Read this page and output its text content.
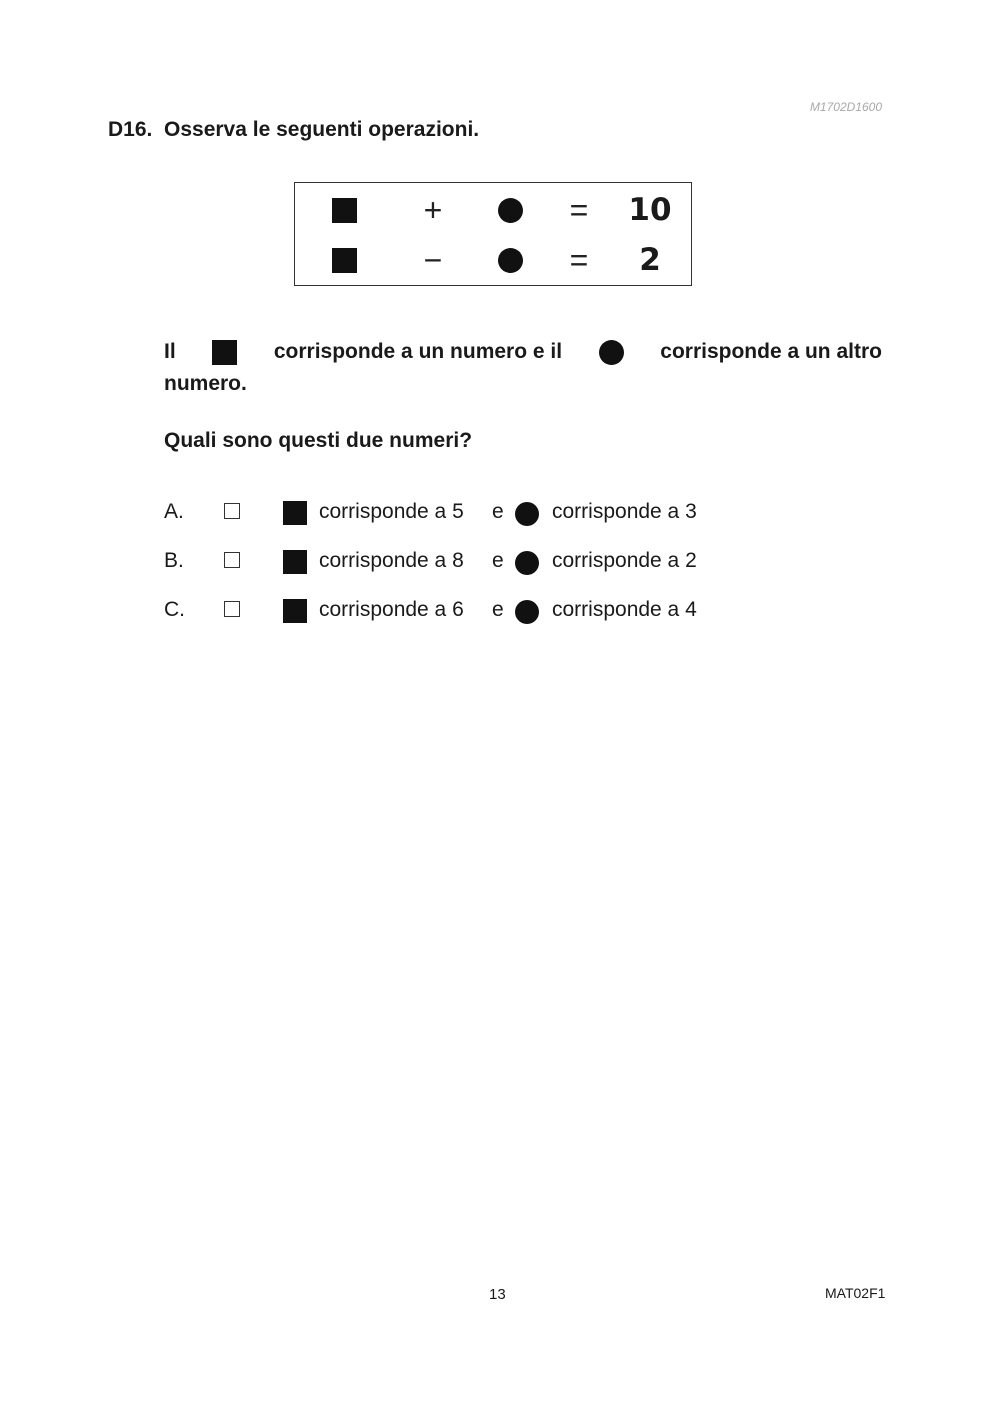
M1702D1600
D16. Osserva le seguenti operazioni.
+	= 10
−	= 2
Il	corrisponde a un numero e il	corrisponde a un altro
numero.
Quali sono questi due numeri?
A.	corrisponde a 5 e corrisponde a 3
B.	corrisponde a 8 e corrisponde a 2
C.	corrisponde a 6 e corrisponde a 4
13	MAT02F1
